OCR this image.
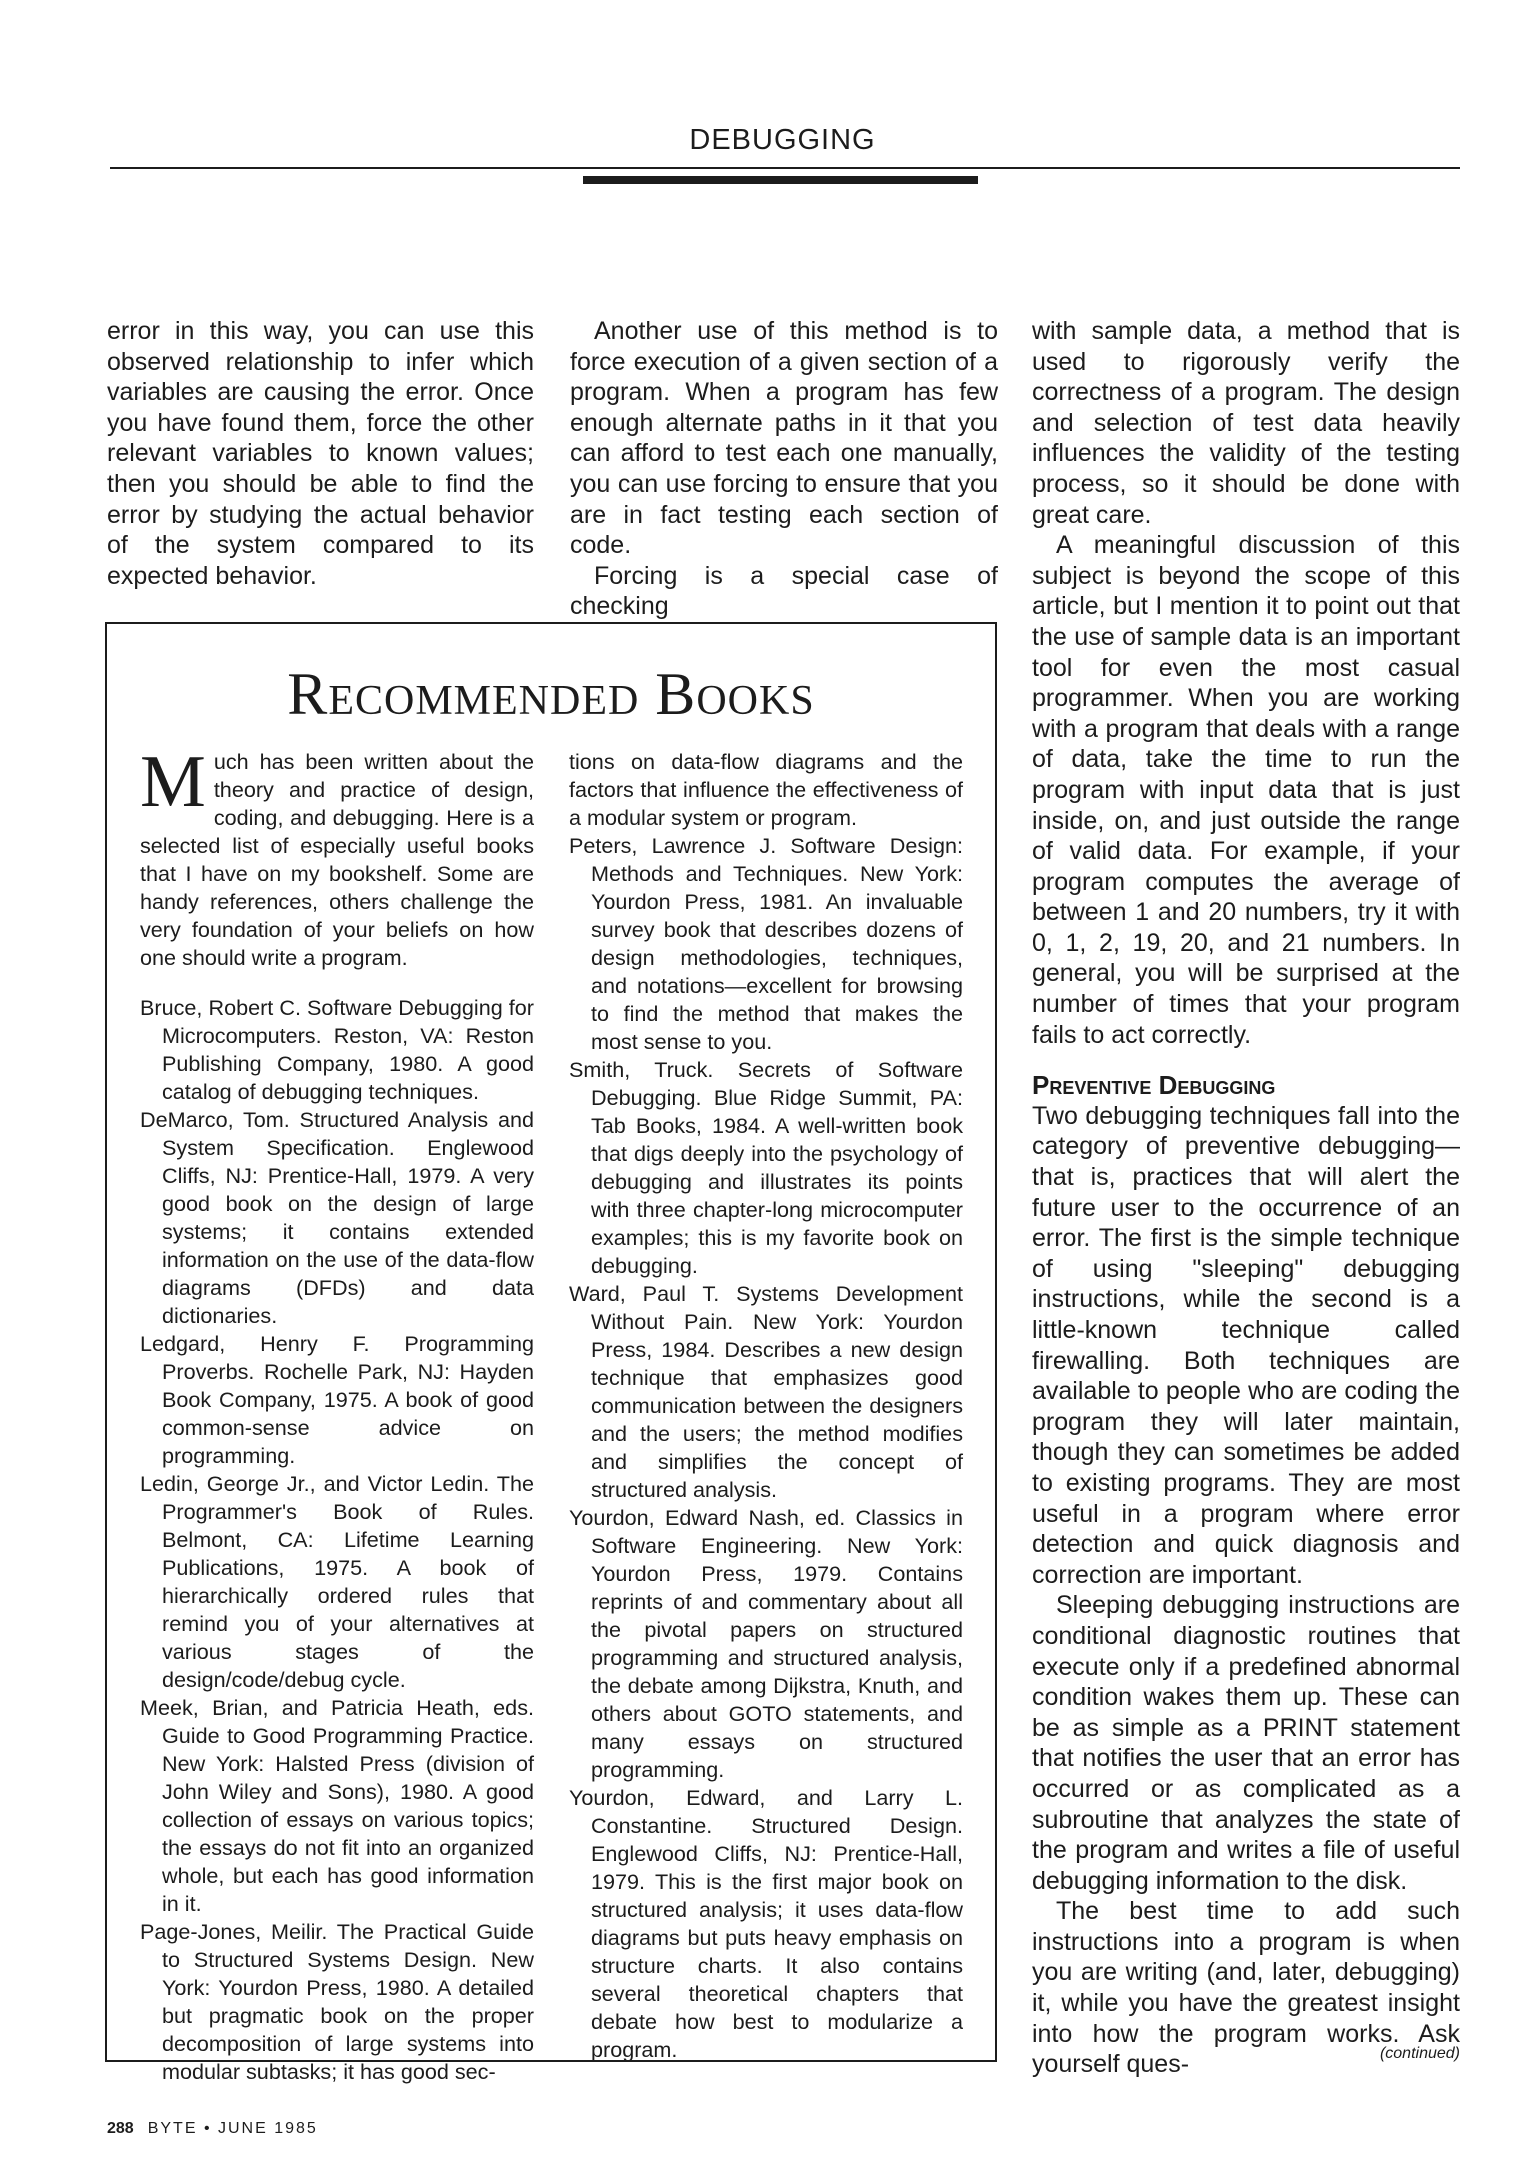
DEBUGGING

error in this way, you can use this observed relationship to infer which variables are causing the error. Once you have found them, force the other relevant variables to known values; then you should be able to find the error by studying the actual behavior of the system compared to its expected behavior.

Another use of this method is to force execution of a given section of a program. When a program has few enough alternate paths in it that you can afford to test each one manually, you can use forcing to ensure that you are in fact testing each section of code.

Forcing is a special case of checking

with sample data, a method that is used to rigorously verify the correctness of a program. The design and selection of test data heavily influences the validity of the testing process, so it should be done with great care.

A meaningful discussion of this subject is beyond the scope of this article, but I mention it to point out that the use of sample data is an important tool for even the most casual programmer. When you are working with a program that deals with a range of data, take the time to run the program with input data that is just inside, on, and just outside the range of valid data. For example, if your program computes the average of between 1 and 20 numbers, try it with 0, 1, 2, 19, 20, and 21 numbers. In general, you will be surprised at the number of times that your program fails to act correctly.

Preventive Debugging

Two debugging techniques fall into the category of preventive debugging—that is, practices that will alert the future user to the occurrence of an error. The first is the simple technique of using "sleeping" debugging instructions, while the second is a little-known technique called firewalling. Both techniques are available to people who are coding the program they will later maintain, though they can sometimes be added to existing programs. They are most useful in a program where error detection and quick diagnosis and correction are important.

Sleeping debugging instructions are conditional diagnostic routines that execute only if a predefined abnormal condition wakes them up. These can be as simple as a PRINT statement that notifies the user that an error has occurred or as complicated as a subroutine that analyzes the state of the program and writes a file of useful debugging information to the disk.

The best time to add such instructions into a program is when you are writing (and, later, debugging) it, while you have the greatest insight into how the program works. Ask yourself ques-

Recommended Books

Much has been written about the theory and practice of design, coding, and debugging. Here is a selected list of especially useful books that I have on my bookshelf. Some are handy references, others challenge the very foundation of your beliefs on how one should write a program.

Bruce, Robert C. Software Debugging for Microcomputers. Reston, VA: Reston Publishing Company, 1980. A good catalog of debugging techniques.

DeMarco, Tom. Structured Analysis and System Specification. Englewood Cliffs, NJ: Prentice-Hall, 1979. A very good book on the design of large systems; it contains extended information on the use of the data-flow diagrams (DFDs) and data dictionaries.

Ledgard, Henry F. Programming Proverbs. Rochelle Park, NJ: Hayden Book Company, 1975. A book of good common-sense advice on programming.

Ledin, George Jr., and Victor Ledin. The Programmer's Book of Rules. Belmont, CA: Lifetime Learning Publications, 1975. A book of hierarchically ordered rules that remind you of your alternatives at various stages of the design/code/debug cycle.

Meek, Brian, and Patricia Heath, eds. Guide to Good Programming Practice. New York: Halsted Press (division of John Wiley and Sons), 1980. A good collection of essays on various topics; the essays do not fit into an organized whole, but each has good information in it.

Page-Jones, Meilir. The Practical Guide to Structured Systems Design. New York: Yourdon Press, 1980. A detailed but pragmatic book on the proper decomposition of large systems into modular subtasks; it has good sec-

tions on data-flow diagrams and the factors that influence the effectiveness of a modular system or program.

Peters, Lawrence J. Software Design: Methods and Techniques. New York: Yourdon Press, 1981. An invaluable survey book that describes dozens of design methodologies, techniques, and notations—excellent for browsing to find the method that makes the most sense to you.

Smith, Truck. Secrets of Software Debugging. Blue Ridge Summit, PA: Tab Books, 1984. A well-written book that digs deeply into the psychology of debugging and illustrates its points with three chapter-long microcomputer examples; this is my favorite book on debugging.

Ward, Paul T. Systems Development Without Pain. New York: Yourdon Press, 1984. Describes a new design technique that emphasizes good communication between the designers and the users; the method modifies and simplifies the concept of structured analysis.

Yourdon, Edward Nash, ed. Classics in Software Engineering. New York: Yourdon Press, 1979. Contains reprints of and commentary about all the pivotal papers on structured programming and structured analysis, the debate among Dijkstra, Knuth, and others about GOTO statements, and many essays on structured programming.

Yourdon, Edward, and Larry L. Constantine. Structured Design. Englewood Cliffs, NJ: Prentice-Hall, 1979. This is the first major book on structured analysis; it uses data-flow diagrams but puts heavy emphasis on structure charts. It also contains several theoretical chapters that debate how best to modularize a program.	(continued)
288 BYTE • JUNE 1985
